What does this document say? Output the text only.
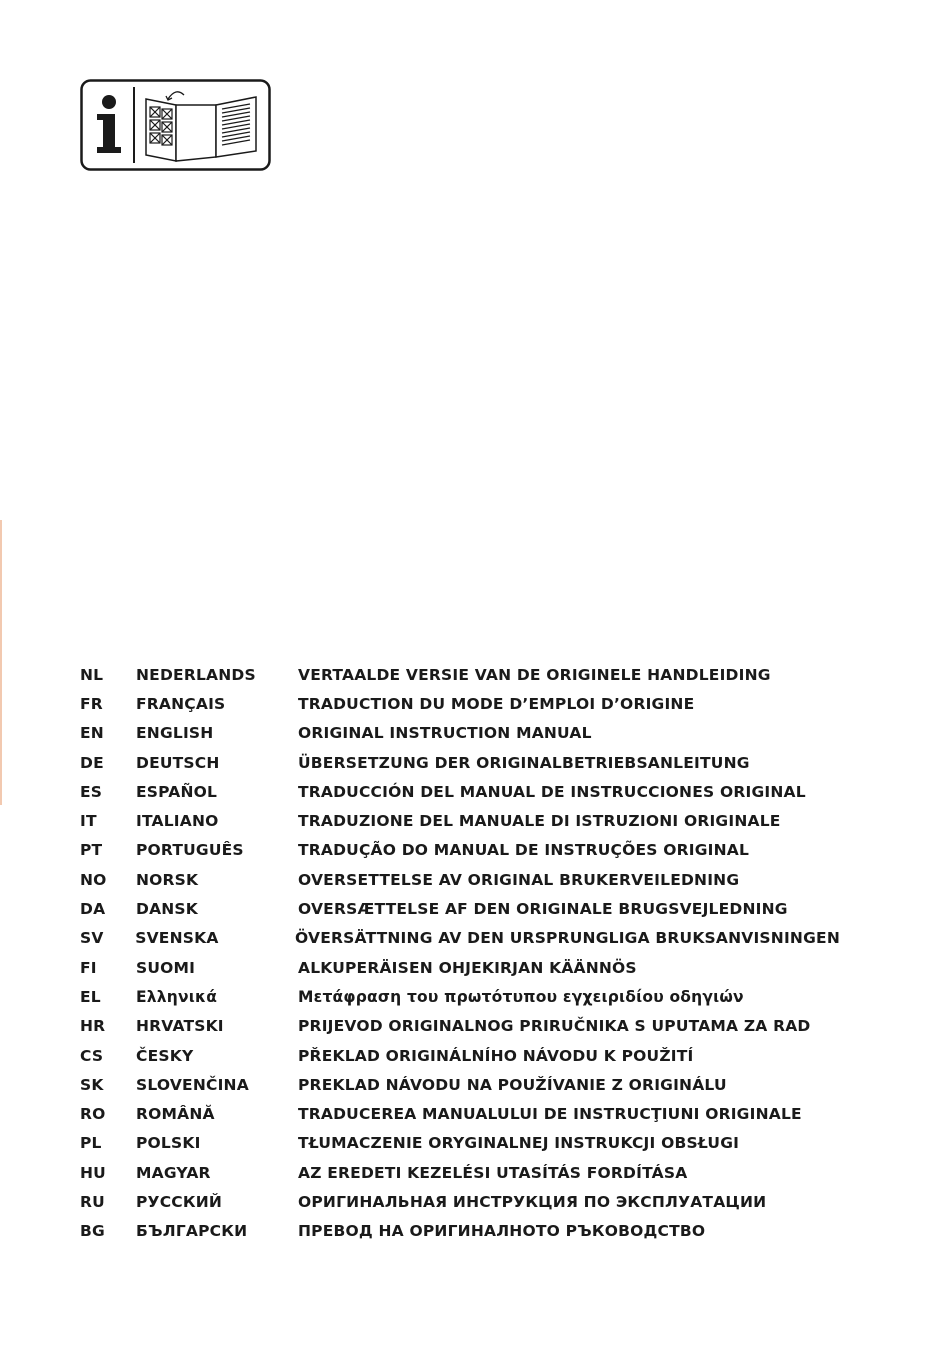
NL	NEDERLANDS	VERTAALDE VERSIE VAN DE ORIGINELE HANDLEIDING
FR	FRANÇAIS	TRADUCTION DU MODE D’EMPLOI D’ORIGINE
EN	ENGLISH	ORIGINAL INSTRUCTION MANUAL
DE	DEUTSCH	ÜBERSETZUNG DER ORIGINALBETRIEBSANLEITUNG
ES	ESPAÑOL	TRADUCCIÓN DEL MANUAL DE INSTRUCCIONES ORIGINAL
IT	ITALIANO	TRADUZIONE DEL MANUALE DI ISTRUZIONI ORIGINALE
PT	PORTUGUÊS	TRADUÇÃO DO MANUAL DE INSTRUÇÕES ORIGINAL
NO	NORSK	OVERSETTELSE AV ORIGINAL BRUKERVEILEDNING
DA	DANSK	OVERSÆTTELSE AF DEN ORIGINALE BRUGSVEJLEDNING
SV	SVENSKA	ÖVERSÄTTNING AV DEN URSPRUNGLIGA BRUKSANVISNINGEN
FI	SUOMI	ALKUPERÄISEN OHJEKIRJAN KÄÄNNÖS
EL	Ελληνικά	Μετάφραση του πρωτότυπου εγχειριδίου οδηγιών
HR	HRVATSKI	PRIJEVOD ORIGINALNOG PRIRUČNIKA S UPUTAMA ZA RAD
CS	ČESKY	PŘEKLAD ORIGINÁLNÍHO NÁVODU K POUŽITÍ
SK	SLOVENČINA	PREKLAD NÁVODU NA POUŽÍVANIE Z ORIGINÁLU
RO	ROMÂNĂ	TRADUCEREA MANUALULUI DE INSTRUCŢIUNI ORIGINALE
PL	POLSKI	TŁUMACZENIE ORYGINALNEJ INSTRUKCJI OBSŁUGI
HU	MAGYAR	AZ EREDETI KEZELÉSI UTASÍTÁS FORDÍTÁSA
RU	РУССКИЙ	ОРИГИНАЛЬНАЯ ИНСТРУКЦИЯ ПО ЭКСПЛУАТАЦИИ
BG	БЪЛГАРСКИ	ПРЕВОД НА ОРИГИНАЛНОТО РЪКОВОДСТВО
